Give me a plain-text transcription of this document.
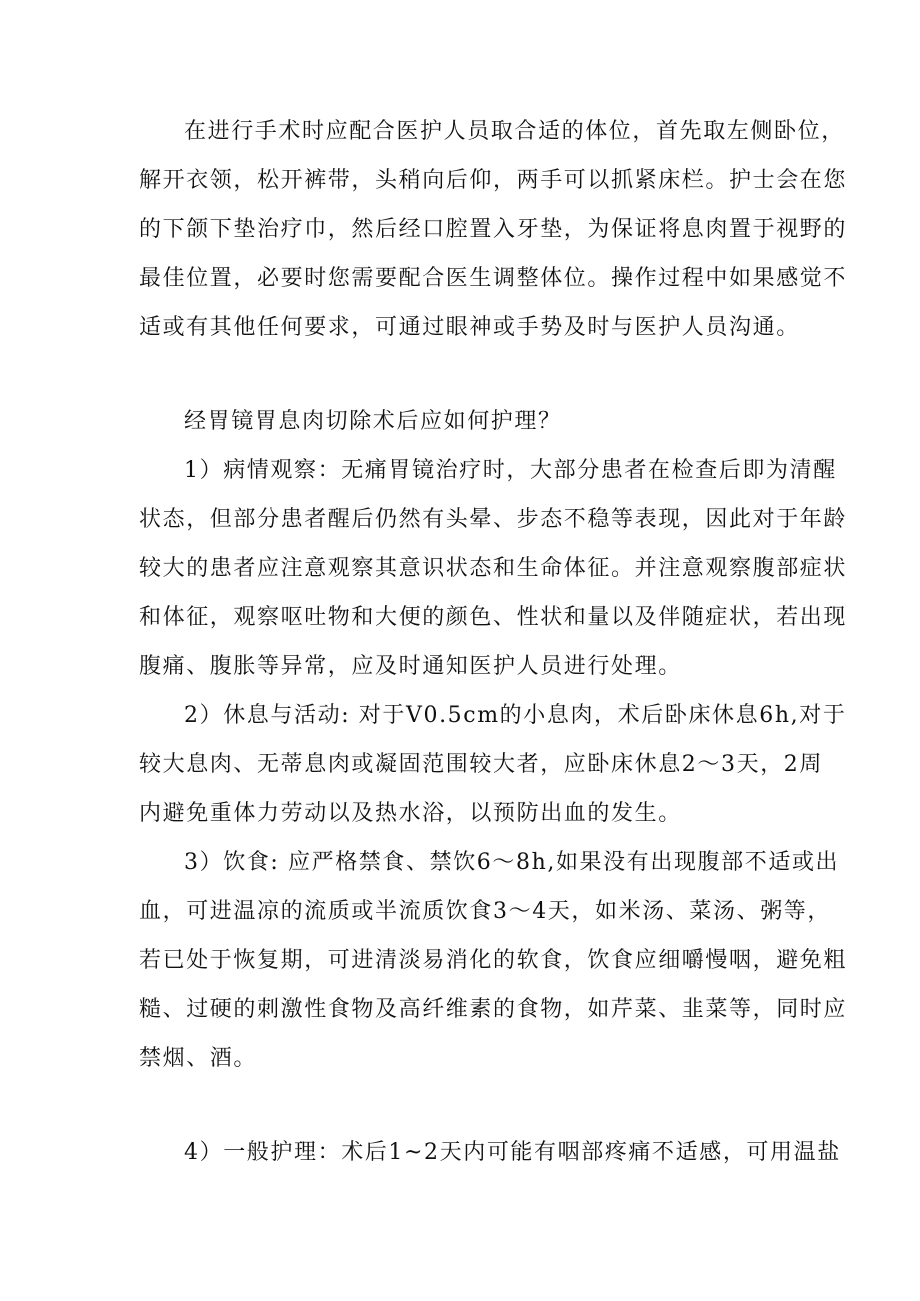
在进行手术时应配合医护人员取合适的体位，首先取左侧卧位，
解开衣领，松开裤带，头稍向后仰，两手可以抓紧床栏。护士会在您
的下颌下垫治疗巾，然后经口腔置入牙垫，为保证将息肉置于视野的
最佳位置，必要时您需要配合医生调整体位。操作过程中如果感觉不
适或有其他任何要求，可通过眼神或手势及时与医护人员沟通。
经胃镜胃息肉切除术后应如何护理？
1）病情观察：无痛胃镜治疗时，大部分患者在检查后即为清醒
状态，但部分患者醒后仍然有头晕、步态不稳等表现，因此对于年龄
较大的患者应注意观察其意识状态和生命体征。并注意观察腹部症状
和体征，观察呕吐物和大便的颜色、性状和量以及伴随症状，若出现
腹痛、腹胀等异常，应及时通知医护人员进行处理。
2）休息与活动: 对于V0.5cm的小息肉，术后卧床休息6h,对于
较大息肉、无蒂息肉或凝固范围较大者，应卧床休息2～3天，2周
内避免重体力劳动以及热水浴，以预防出血的发生。
3）饮食: 应严格禁食、禁饮6～8h,如果没有出现腹部不适或出
血，可进温凉的流质或半流质饮食3～4天，如米汤、菜汤、粥等，
若已处于恢复期，可进清淡易消化的软食，饮食应细嚼慢咽，避免粗
糙、过硬的刺激性食物及高纤维素的食物，如芹菜、韭菜等，同时应
禁烟、酒。
4）一般护理：术后1~2天内可能有咽部疼痛不适感，可用温盐
